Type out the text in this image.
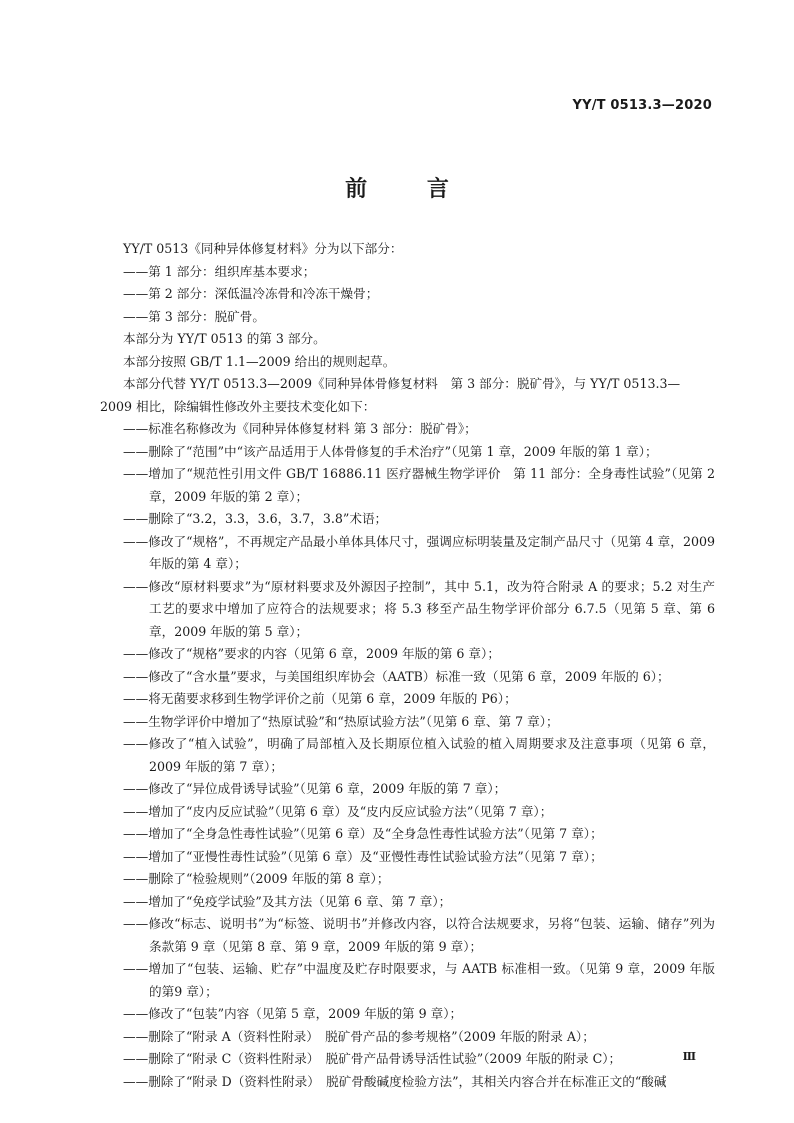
YY/T 0513.3—2020
前 言

YY/T 0513《同种异体修复材料》分为以下部分：

——第 1 部分：组织库基本要求；

——第 2 部分：深低温冷冻骨和冷冻干燥骨；

——第 3 部分：脱矿骨。

本部分为 YY/T 0513 的第 3 部分。

本部分按照 GB/T 1.1—2009 给出的规则起草。

本部分代替 YY/T 0513.3—2009《同种异体骨修复材料　第 3 部分：脱矿骨》，与 YY/T 0513.3—

2009 相比，除编辑性修改外主要技术变化如下：

——标准名称修改为《同种异体修复材料 第 3 部分：脱矿骨》；
——删除了“范围”中“该产品适用于人体骨修复的手术治疗”（见第 1 章，2009 年版的第 1 章）；
——增加了“规范性引用文件 GB/T 16886.11 医疗器械生物学评价　第 11 部分：全身毒性试验”（见第 2 章，2009 年版的第 2 章）；
——删除了“3.2，3.3，3.6，3.7，3.8”术语；
——修改了“规格”，不再规定产品最小单体具体尺寸，强调应标明装量及定制产品尺寸（见第 4 章，2009 年版的第 4 章）；
——修改“原材料要求”为“原材料要求及外源因子控制”，其中 5.1，改为符合附录 A 的要求；5.2 对生产工艺的要求中增加了应符合的法规要求；将 5.3 移至产品生物学评价部分 6.7.5（见第 5 章、第 6 章，2009 年版的第 5 章）；
——修改了“规格”要求的内容（见第 6 章，2009 年版的第 6 章）；
——修改了“含水量”要求，与美国组织库协会（AATB）标准一致（见第 6 章，2009 年版的 6）；
——将无菌要求移到生物学评价之前（见第 6 章，2009 年版的 P6）；
——生物学评价中增加了“热原试验”和“热原试验方法”（见第 6 章、第 7 章）；
——修改了“植入试验”，明确了局部植入及长期原位植入试验的植入周期要求及注意事项（见第 6 章，2009 年版的第 7 章）；
——修改了“异位成骨诱导试验”（见第 6 章，2009 年版的第 7 章）；
——增加了“皮内反应试验”（见第 6 章）及“皮内反应试验方法”（见第 7 章）；
——增加了“全身急性毒性试验”（见第 6 章）及“全身急性毒性试验方法”（见第 7 章）；
——增加了“亚慢性毒性试验”（见第 6 章）及“亚慢性毒性试验试验方法”（见第 7 章）；
——删除了“检验规则”（2009 年版的第 8 章）；
——增加了“免疫学试验”及其方法（见第 6 章、第 7 章）；
——修改“标志、说明书”为“标签、说明书”并修改内容，以符合法规要求，另将“包装、运输、储存”列为条款第 9 章（见第 8 章、第 9 章，2009 年版的第 9 章）；
——增加了“包装、运输、贮存”中温度及贮存时限要求，与 AATB 标准相一致。（见第 9 章，2009 年版的第9 章）；
——修改了“包装”内容（见第 5 章，2009 年版的第 9 章）；
——删除了“附录 A（资料性附录）　脱矿骨产品的参考规格”（2009 年版的附录 A）；
——删除了“附录 C（资料性附录）　脱矿骨产品骨诱导活性试验”（2009 年版的附录 C）；
——删除了“附录 D（资料性附录）　脱矿骨酸碱度检验方法”，其相关内容合并在标准正文的“酸碱
Ⅲ
